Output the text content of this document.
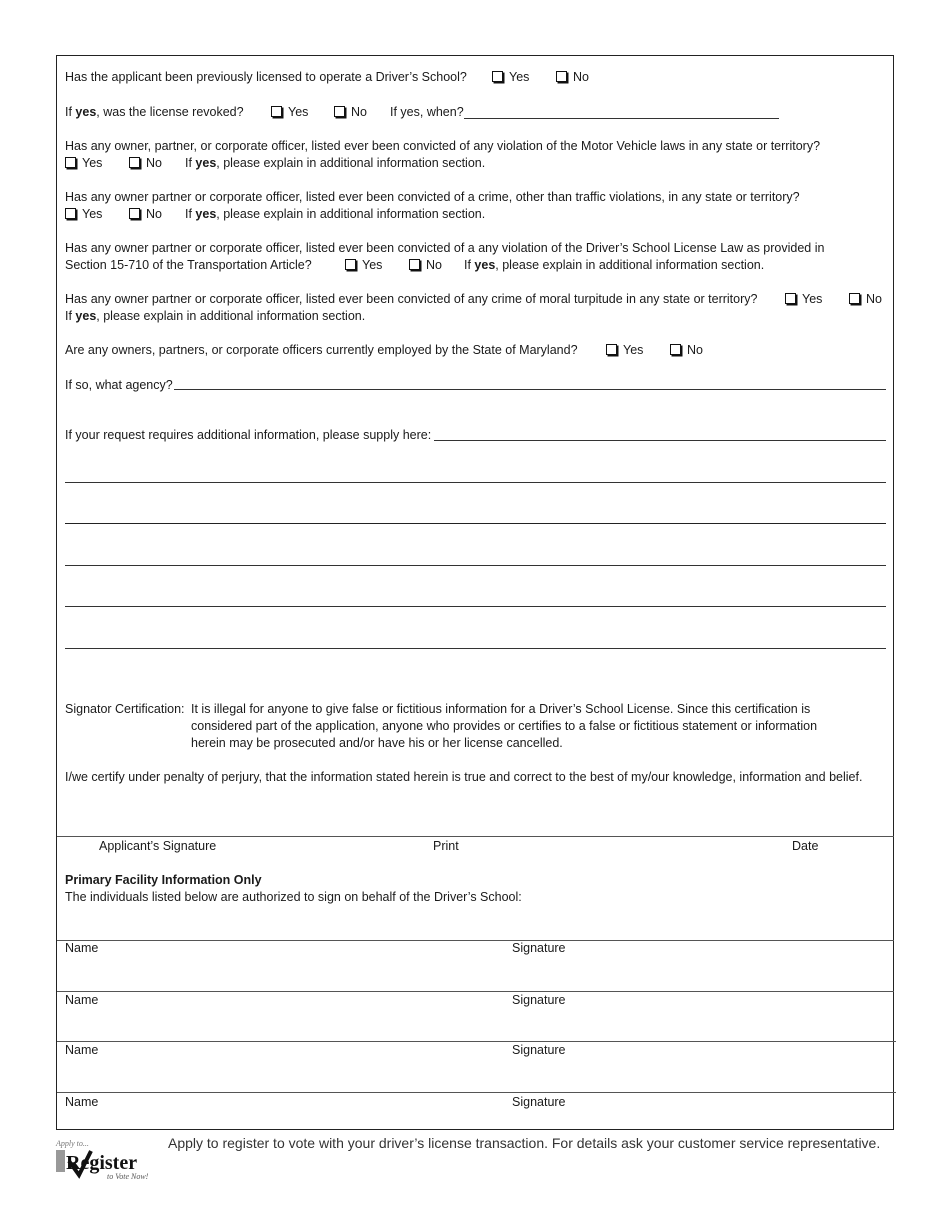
Has the applicant been previously licensed to operate a Driver’s School?	Yes	No
If yes, was the license revoked?	Yes	No If yes, when?
Has any owner, partner, or corporate officer, listed ever been convicted of any violation of the Motor Vehicle laws in any state or territory?
Yes	No If yes, please explain in additional information section.
Has any owner partner or corporate officer, listed ever been convicted of a crime, other than traffic violations, in any state or territory?
Yes	No If yes, please explain in additional information section.
Has any owner partner or corporate officer, listed ever been convicted of a any violation of the Driver’s School License Law as provided in
Section 15-710 of the Transportation Article?	Yes	No If yes, please explain in additional information section.
Has any owner partner or corporate officer, listed ever been convicted of any crime of moral turpitude in any state or territory?	Yes	No
If yes, please explain in additional information section.
Are any owners, partners, or corporate officers currently employed by the State of Maryland?	Yes	No
If so, what agency?
If your request requires additional information, please supply here:
Signator Certification: It is illegal for anyone to give false or fictitious information for a Driver’s School License. Since this certification is
considered part of the application, anyone who provides or certifies to a false or fictitious statement or information
herein may be prosecuted and/or have his or her license cancelled.
I/we certify under penalty of perjury, that the information stated herein is true and correct to the best of my/our knowledge, information and belief.
Applicant’s Signature	Print	Date
Primary Facility Information Only
The individuals listed below are authorized to sign on behalf of the Driver’s School:
Name	Signature
Name	Signature
Name	Signature
Name	Signature
Apply to...
Register
to Vote Now!
Apply to register to vote with your driver’s license transaction. For details ask your customer service representative.
